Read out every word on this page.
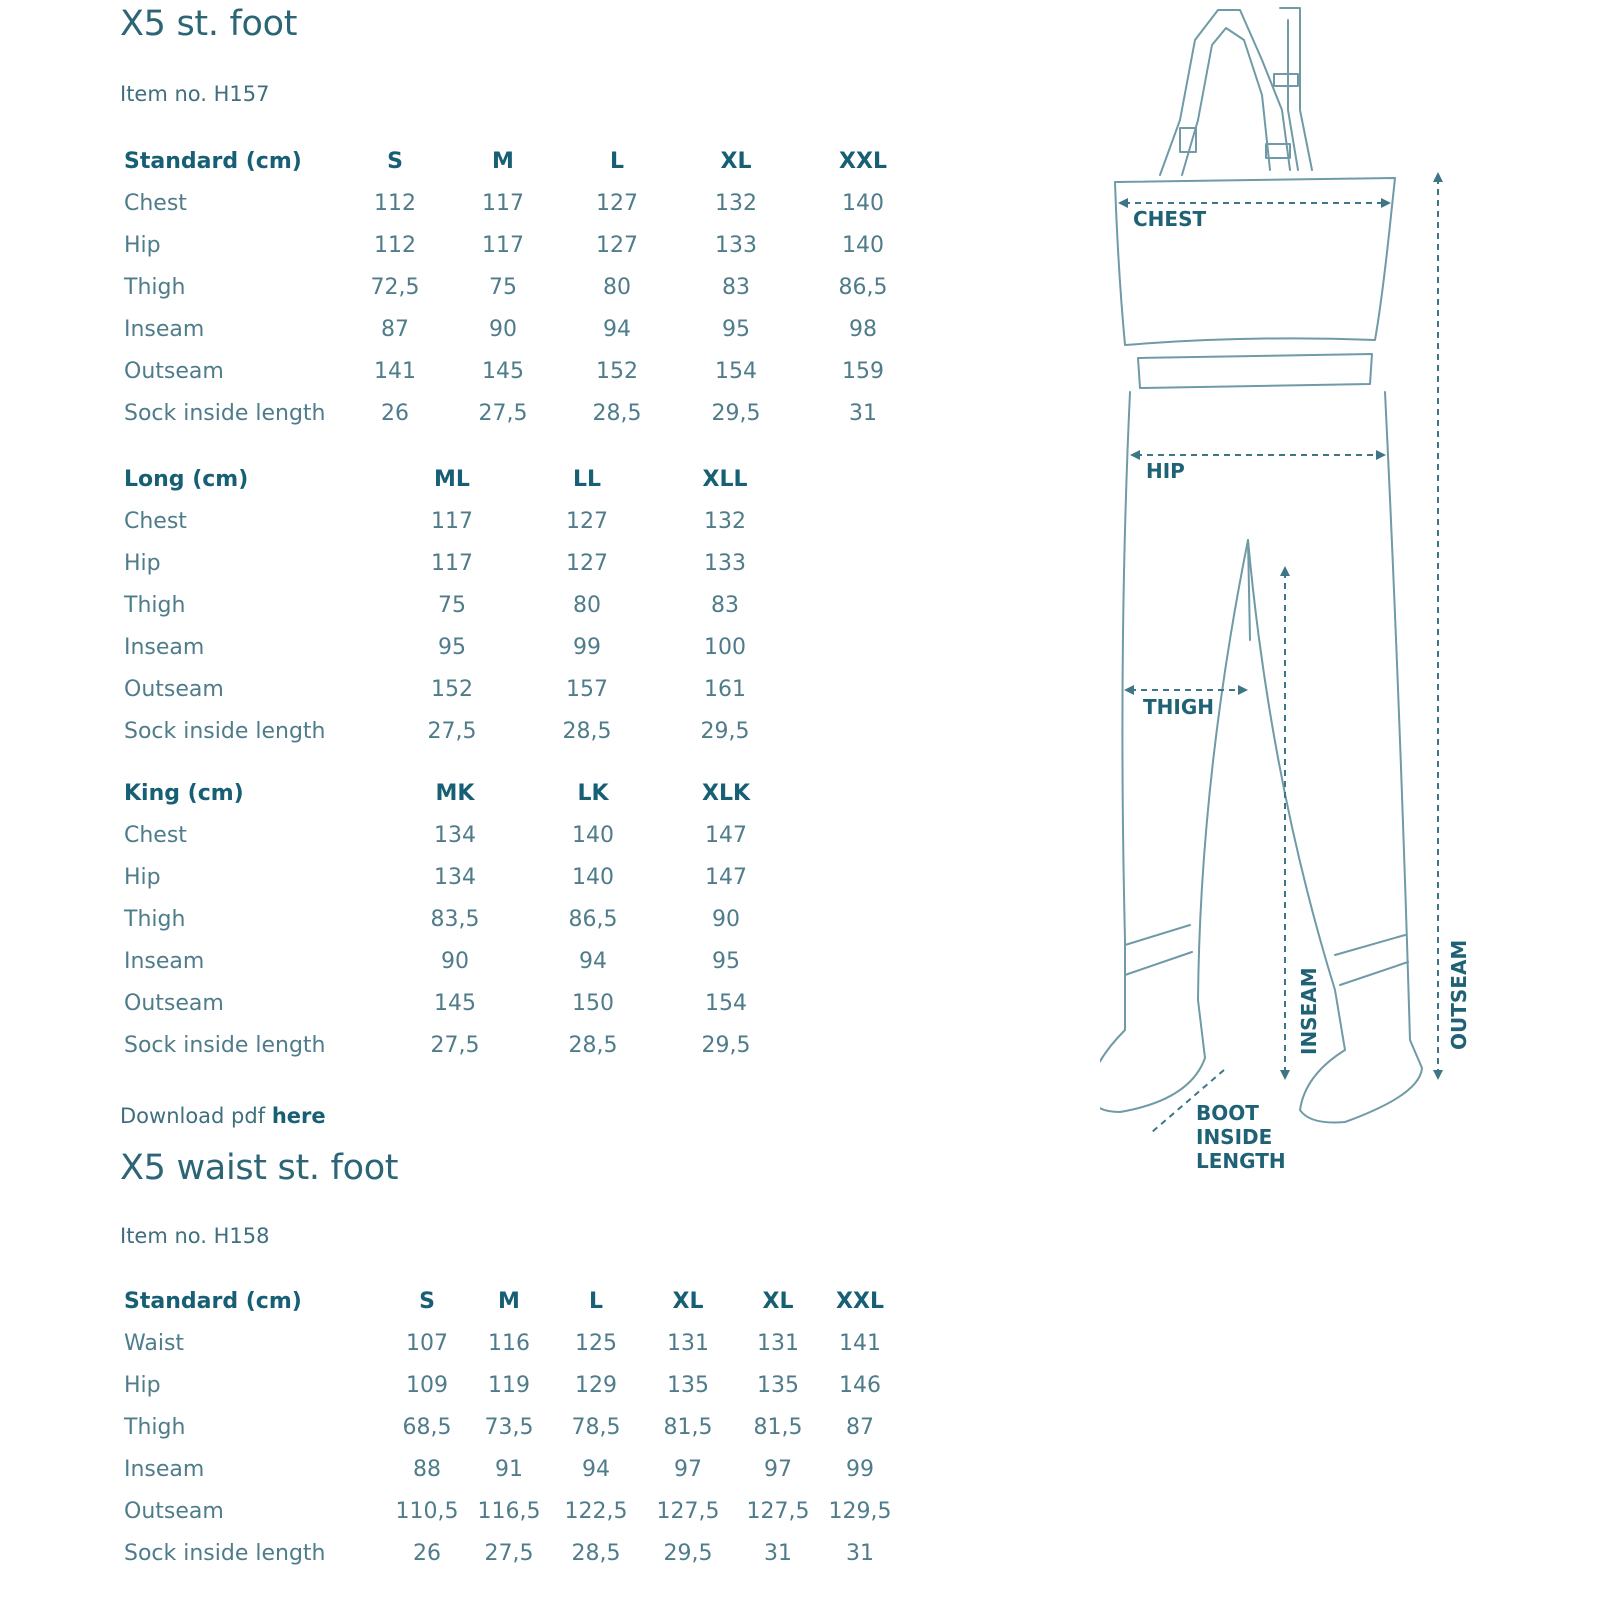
X5 st. foot
Item no. H157
Standard (cm)	S	M	L	XL	XXL
Chest	112	117	127	132	140
Hip	112	117	127	133	140
Thigh	72,5	75	80	83	86,5
Inseam	87	90	94	95	98
Outseam	141	145	152	154	159
Sock inside length	26	27,5	28,5	29,5	31
Long (cm)	ML	LL	XLL
Chest	117	127	132
Hip	117	127	133
Thigh	75	80	83
Inseam	95	99	100
Outseam	152	157	161
Sock inside length	27,5	28,5	29,5
King (cm)	MK	LK	XLK
Chest	134	140	147
Hip	134	140	147
Thigh	83,5	86,5	90
Inseam	90	94	95
Outseam	145	150	154
Sock inside length	27,5	28,5	29,5
Download pdf here
X5 waist st. foot
Item no. H158
Standard (cm)	S	M	L	XL	XL	XXL
Waist	107	116	125	131	131	141
Hip	109	119	129	135	135	146
Thigh	68,5	73,5	78,5	81,5	81,5	87
Inseam	88	91	94	97	97	99
Outseam	110,5	116,5	122,5	127,5	127,5	129,5
Sock inside length	26	27,5	28,5	29,5	31	31
CHEST
HIP
THIGH
INSEAM	OUTSEAM
BOOT
INSIDE
LENGTH
